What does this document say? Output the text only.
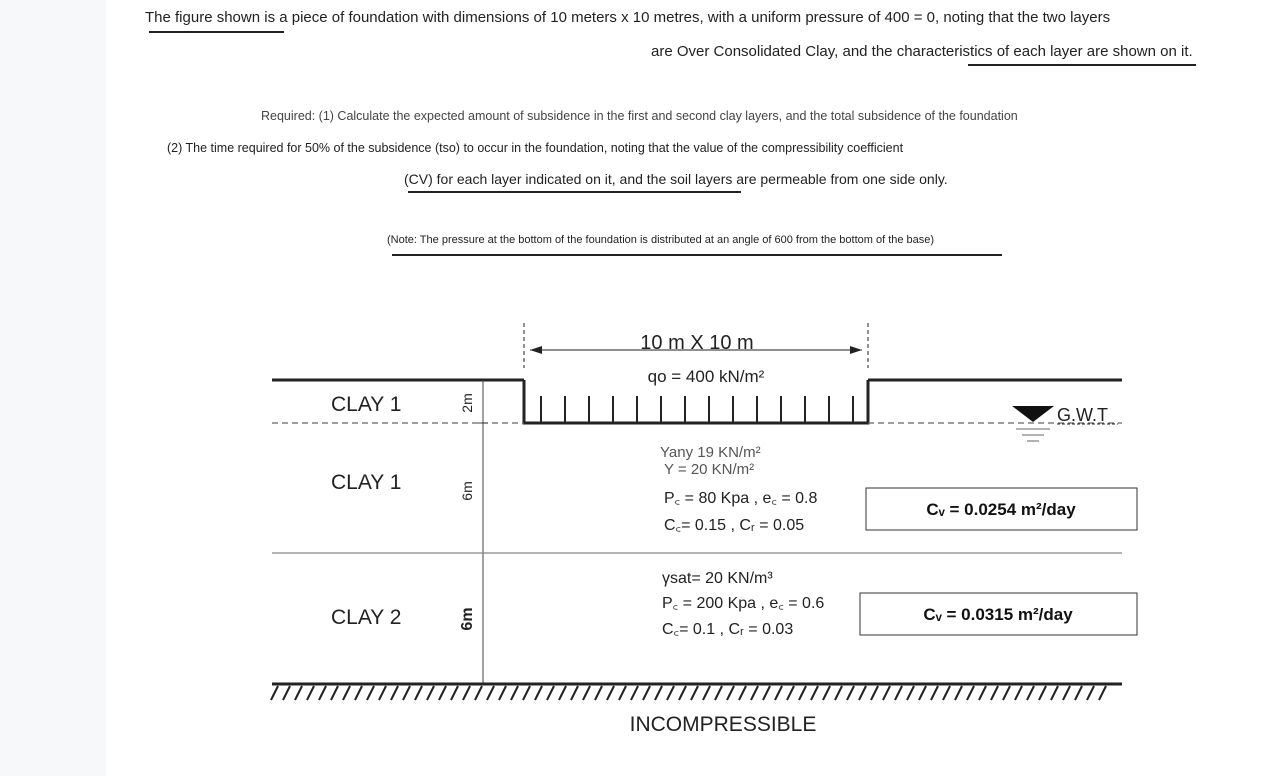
The figure shown is a piece of foundation with dimensions of 10 meters x 10 metres, with a uniform pressure of 400 = 0, noting that the two layers
are Over Consolidated Clay, and the characteristics of each layer are shown on it.
Required: (1) Calculate the expected amount of subsidence in the first and second clay layers, and the total subsidence of the foundation
(2) The time required for 50% of the subsidence (tso) to occur in the foundation, noting that the value of the compressibility coefficient
(CV) for each layer indicated on it, and the soil layers are permeable from one side only.
(Note: The pressure at the bottom of the foundation is distributed at an angle of 600 from the bottom of the base)
10 m X 10 m
qo = 400 kN/m²
G.W.T
CLAY 1
CLAY 1
CLAY 2
2m
6m
6m
Yany 19 KN/m²
Y = 20 KN/m²
P꜀ = 80 Kpa , e꜀ = 0.8
C꜀= 0.15 , Cᵣ = 0.05
Cᵥ = 0.0254 m²/day
γsat= 20 KN/m³
P꜀ = 200 Kpa , e꜀ = 0.6
C꜀= 0.1 , Cᵣ = 0.03
Cᵥ = 0.0315 m²/day
INCOMPRESSIBLE
